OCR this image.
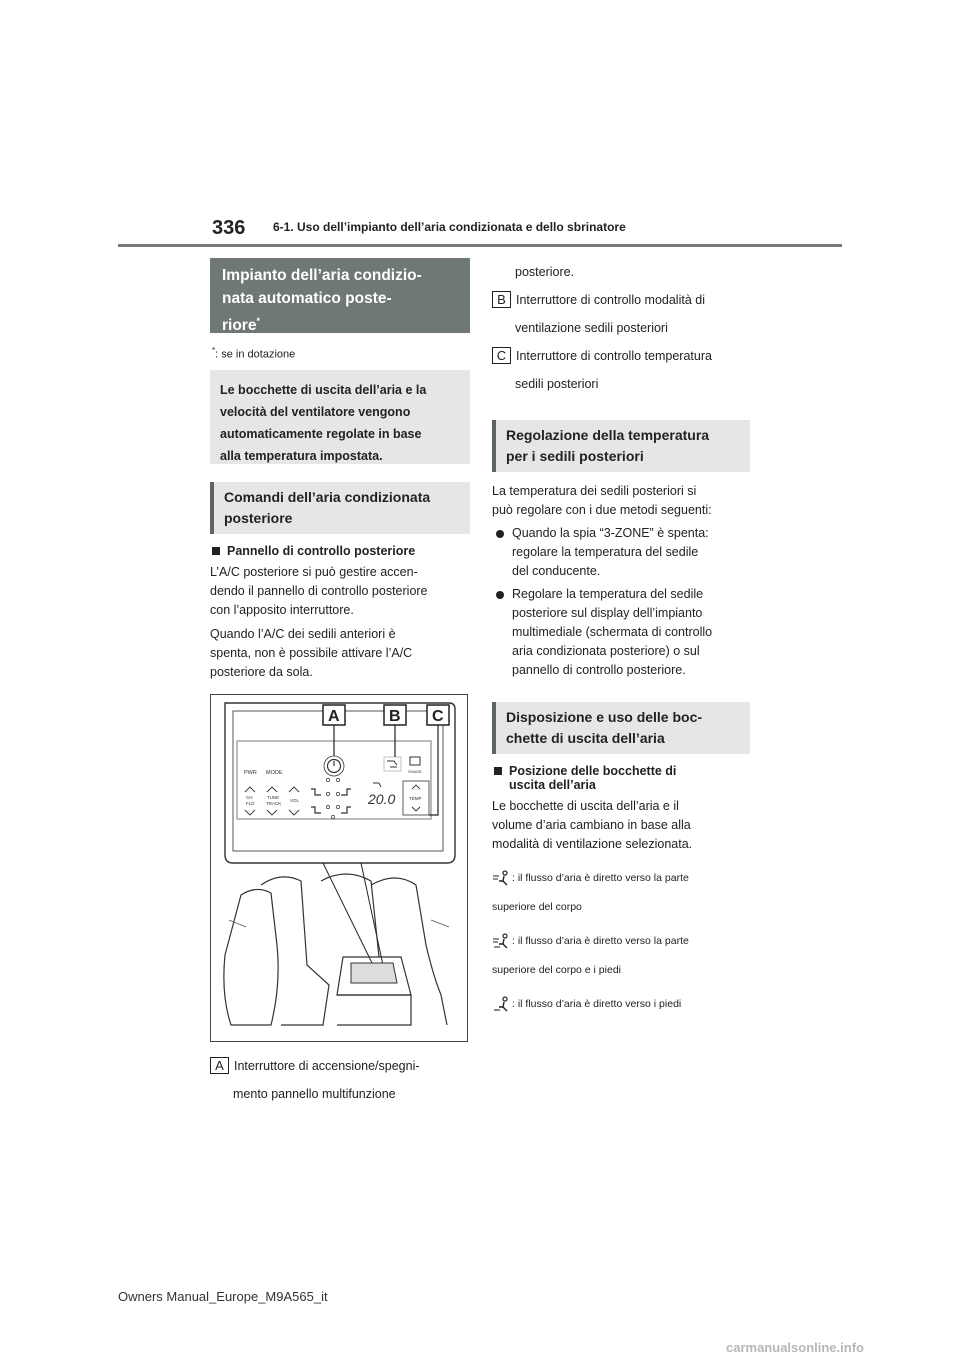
336 6-1. Uso dell’impianto dell’aria condizionata e dello sbrinatore
Impianto dell’aria condizio-
nata automatico poste-
riore*
*: se in dotazione
Le bocchette di uscita dell’aria e la
velocità del ventilatore vengono
automaticamente regolate in base
alla temperatura impostata.
Comandi dell’aria condizionata
posteriore
Pannello di controllo posteriore
L’A/C posteriore si può gestire accen-
dendo il pannello di controllo posteriore
con l’apposito interruttore.
Quando l’A/C dei sedili anteriori è
spenta, non è possibile attivare l’A/C
posteriore da sola.
PWR MODE
CH
FLD
TUNE
TRACK
VOL	20.0
SHADE
TEMP
A	B C
A Interruttore di accensione/spegni-
mento pannello multifunzione
posteriore.
B Interruttore di controllo modalità di
ventilazione sedili posteriori
C Interruttore di controllo temperatura
sedili posteriori
Regolazione della temperatura
per i sedili posteriori
La temperatura dei sedili posteriori si
può regolare con i due metodi seguenti:
Quando la spia “3-ZONE” è spenta:
regolare la temperatura del sedile
del conducente.
Regolare la temperatura del sedile
posteriore sul display dell’impianto
multimediale (schermata di controllo
aria condizionata posteriore) o sul
pannello di controllo posteriore.
Disposizione e uso delle boc-
chette di uscita dell’aria
Posizione delle bocchette di
uscita dell’aria
Le bocchette di uscita dell’aria e il
volume d’aria cambiano in base alla
modalità di ventilazione selezionata.
: il flusso d’aria è diretto verso la parte
superiore del corpo
: il flusso d’aria è diretto verso la parte
superiore del corpo e i piedi
: il flusso d’aria è diretto verso i piedi
Owners Manual_Europe_M9A565_it
carmanualsonline.info
